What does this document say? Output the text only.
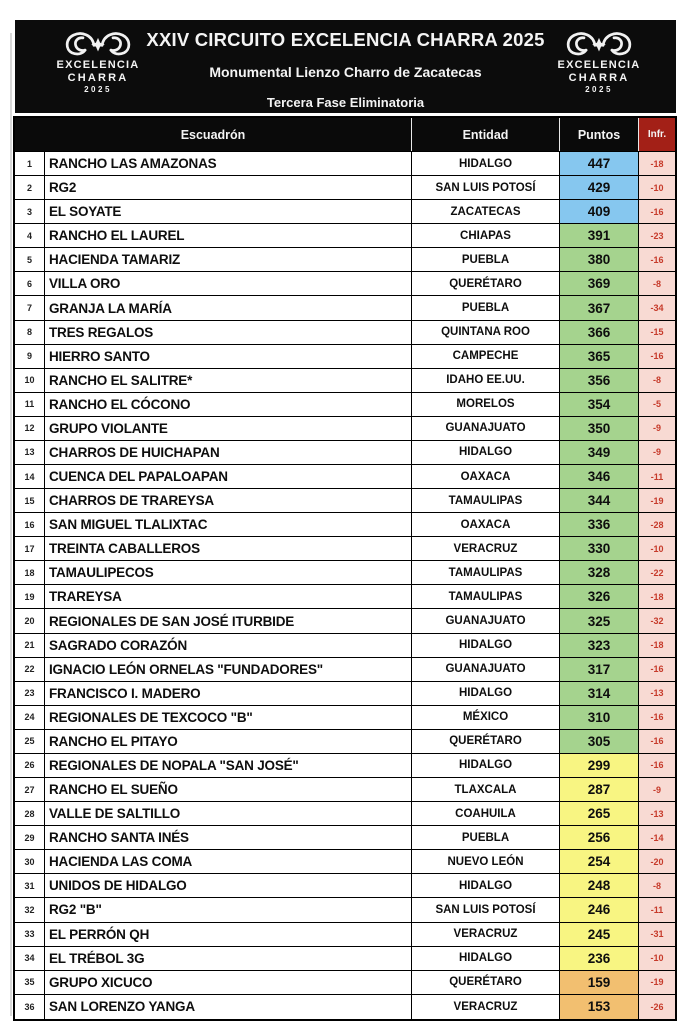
EXCELENCIA
CHARRA
2025
XXIV CIRCUITO EXCELENCIA CHARRA 2025
Monumental Lienzo Charro de Zacatecas
Tercera Fase Eliminatoria
EXCELENCIA
CHARRA
2025
Escuadrón	Entidad	Puntos	Infr.
1	RANCHO LAS AMAZONAS	HIDALGO	447	-18
2	RG2	SAN LUIS POTOSÍ	429	-10
3	EL SOYATE	ZACATECAS	409	-16
4	RANCHO EL LAUREL	CHIAPAS	391	-23
5	HACIENDA TAMARIZ	PUEBLA	380	-16
6	VILLA ORO	QUERÉTARO	369	-8
7	GRANJA LA MARÍA	PUEBLA	367	-34
8	TRES REGALOS	QUINTANA ROO	366	-15
9	HIERRO SANTO	CAMPECHE	365	-16
10	RANCHO EL SALITRE*	IDAHO EE.UU.	356	-8
11	RANCHO EL CÓCONO	MORELOS	354	-5
12	GRUPO VIOLANTE	GUANAJUATO	350	-9
13	CHARROS DE HUICHAPAN	HIDALGO	349	-9
14	CUENCA DEL PAPALOAPAN	OAXACA	346	-11
15	CHARROS DE TRAREYSA	TAMAULIPAS	344	-19
16	SAN MIGUEL TLALIXTAC	OAXACA	336	-28
17	TREINTA CABALLEROS	VERACRUZ	330	-10
18	TAMAULIPECOS	TAMAULIPAS	328	-22
19	TRAREYSA	TAMAULIPAS	326	-18
20	REGIONALES DE SAN JOSÉ ITURBIDE	GUANAJUATO	325	-32
21	SAGRADO CORAZÓN	HIDALGO	323	-18
22	IGNACIO LEÓN ORNELAS "FUNDADORES"	GUANAJUATO	317	-16
23	FRANCISCO I. MADERO	HIDALGO	314	-13
24	REGIONALES DE TEXCOCO "B"	MÉXICO	310	-16
25	RANCHO EL PITAYO	QUERÉTARO	305	-16
26	REGIONALES DE NOPALA "SAN JOSÉ"	HIDALGO	299	-16
27	RANCHO EL SUEÑO	TLAXCALA	287	-9
28	VALLE DE SALTILLO	COAHUILA	265	-13
29	RANCHO SANTA INÉS	PUEBLA	256	-14
30	HACIENDA LAS COMA	NUEVO LEÓN	254	-20
31	UNIDOS DE HIDALGO	HIDALGO	248	-8
32	RG2 "B"	SAN LUIS POTOSÍ	246	-11
33	EL PERRÓN QH	VERACRUZ	245	-31
34	EL TRÉBOL 3G	HIDALGO	236	-10
35	GRUPO XICUCO	QUERÉTARO	159	-19
36	SAN LORENZO YANGA	VERACRUZ	153	-26
